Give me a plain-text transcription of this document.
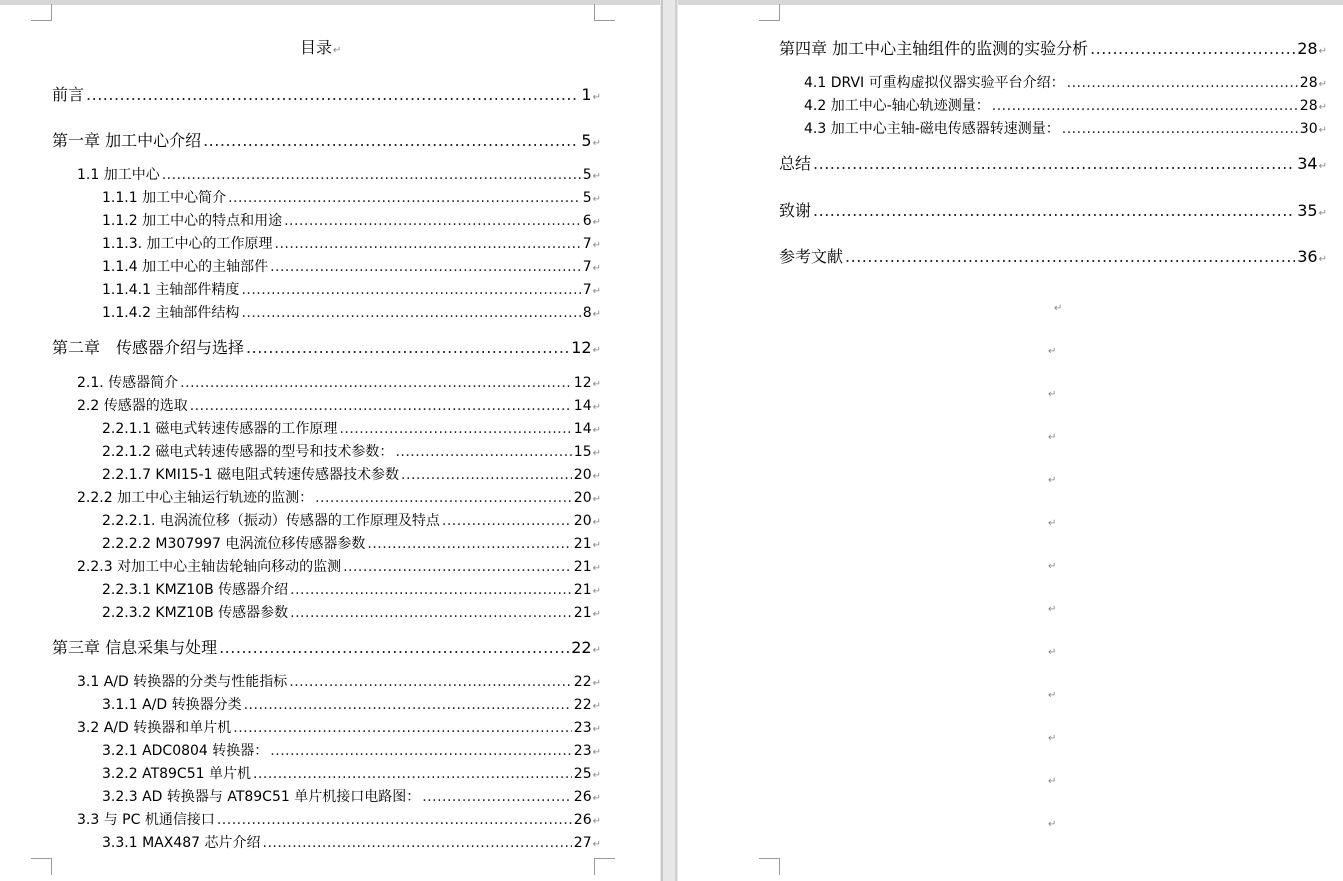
目录↵
前言 .....	1 ↵
第一章 加工中心介绍 .....	5 ↵
1.1 加工中心 .....	5 ↵
1.1.1 加工中心简介 .....	5 ↵
1.1.2 加工中心的特点和用途 .....	6 ↵
1.1.3. 加工中心的工作原理 .....	7 ↵
1.1.4 加工中心的主轴部件 .....	7 ↵
1.1.4.1 主轴部件精度 .....	7 ↵
1.1.4.2 主轴部件结构 .....	8 ↵
第二章　传感器介绍与选择 .....	12 ↵
2.1. 传感器简介 .....	12 ↵
2.2 传感器的选取 .....	14 ↵
2.2.1.1 磁电式转速传感器的工作原理 .....	14 ↵
2.2.1.2 磁电式转速传感器的型号和技术参数： .....	15 ↵
2.2.1.7 KMI15-1 磁电阻式转速传感器技术参数 .....	20 ↵
2.2.2 加工中心主轴运行轨迹的监测： .....	20 ↵
2.2.2.1. 电涡流位移（振动）传感器的工作原理及特点 .....	20 ↵
2.2.2.2 M307997 电涡流位移传感器参数 .....	21 ↵
2.2.3 对加工中心主轴齿轮轴向移动的监测 .....	21 ↵
2.2.3.1 KMZ10B 传感器介绍 .....	21 ↵
2.2.3.2 KMZ10B 传感器参数 .....	21 ↵
第三章 信息采集与处理 .....	22 ↵
3.1 A/D 转换器的分类与性能指标 .....	22 ↵
3.1.1 A/D 转换器分类 .....	22 ↵
3.2 A/D 转换器和单片机 .....	23 ↵
3.2.1 ADC0804 转换器： .....	23 ↵
3.2.2 AT89C51 单片机 .....	25 ↵
3.2.3 AD 转换器与 AT89C51 单片机接口电路图： .....	26 ↵
3.3 与 PC 机通信接口 .....	26 ↵
3.3.1 MAX487 芯片介绍 .....	27 ↵
第四章 加工中心主轴组件的监测的实验分析 .....	28 ↵
4.1 DRVI 可重构虚拟仪器实验平台介绍： .....	28 ↵
4.2 加工中心-轴心轨迹测量： .....	28 ↵
4.3 加工中心主轴-磁电传感器转速测量： .....	30 ↵
总结 .....	34 ↵
致谢 .....	35 ↵
参考文献 .....	36 ↵
↵
↵
↵
↵
↵
↵
↵
↵
↵
↵
↵
↵
↵
